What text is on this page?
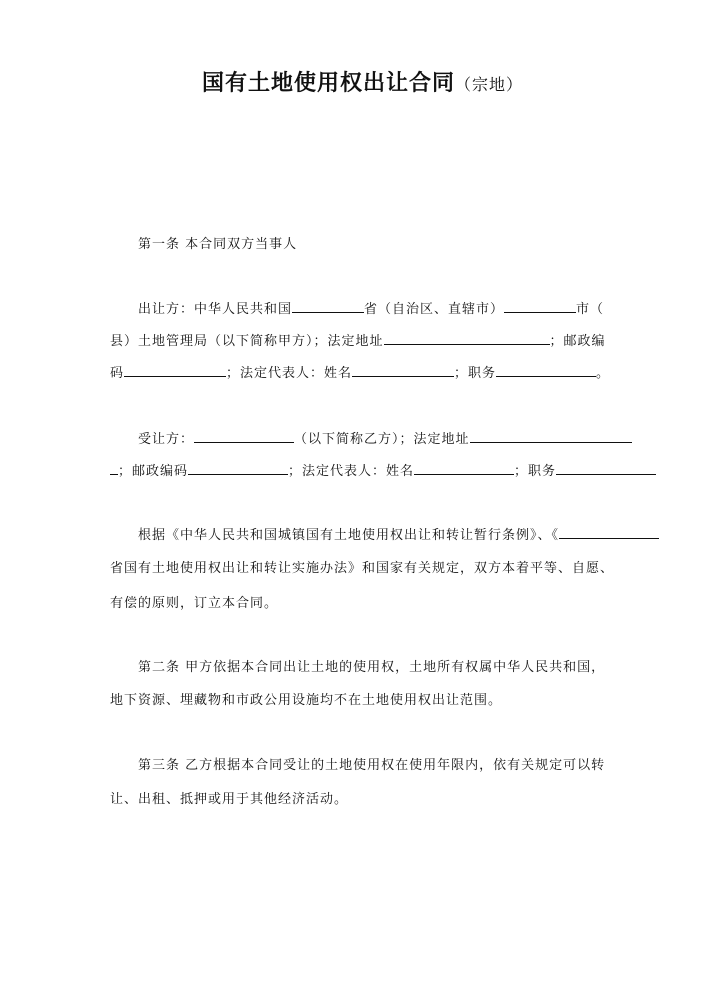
国有土地使用权出让合同（宗地）
第一条 本合同双方当事人
出让方：中华人民共和国	省（自治区、直辖市）	市（
县）土地管理局（以下简称甲方）；法定地址	；邮政编
码	；法定代表人：姓名	；职务	。
受让方：	（以下简称乙方）；法定地址
；邮政编码	；法定代表人：姓名	；职务
根据《中华人民共和国城镇国有土地使用权出让和转让暂行条例》、《
省国有土地使用权出让和转让实施办法》和国家有关规定，双方本着平等、自愿、
有偿的原则，订立本合同。
第二条 甲方依据本合同出让土地的使用权，土地所有权属中华人民共和国，
地下资源、埋藏物和市政公用设施均不在土地使用权出让范围。
第三条 乙方根据本合同受让的土地使用权在使用年限内，依有关规定可以转
让、出租、抵押或用于其他经济活动。
